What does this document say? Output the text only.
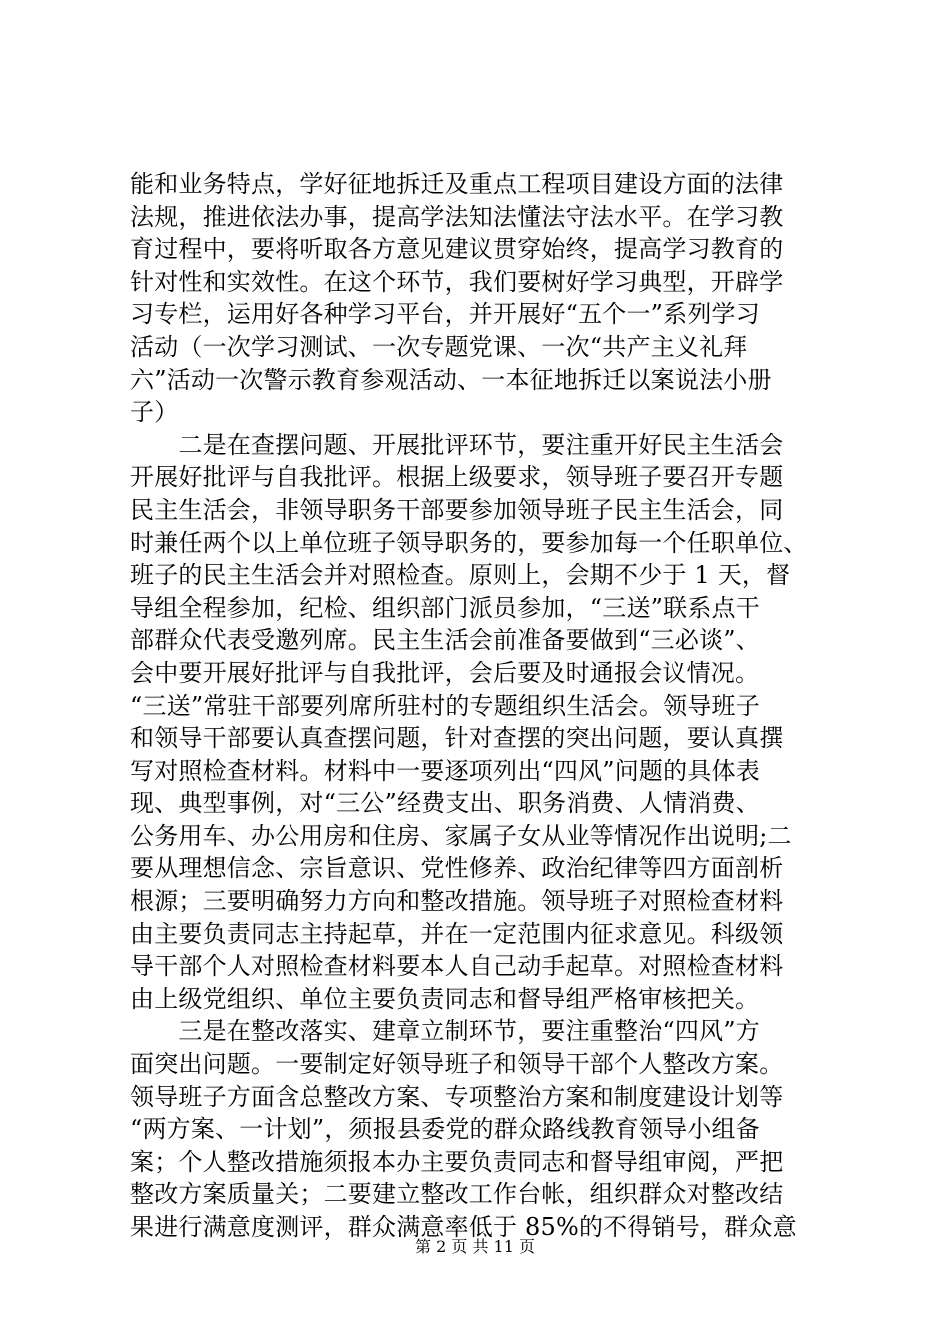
能和业务特点，学好征地拆迁及重点工程项目建设方面的法律
法规，推进依法办事，提高学法知法懂法守法水平。在学习教
育过程中，要将听取各方意见建议贯穿始终，提高学习教育的
针对性和实效性。在这个环节，我们要树好学习典型，开辟学
习专栏，运用好各种学习平台，并开展好“五个一”系列学习
活动（一次学习测试、一次专题党课、一次“共产主义礼拜
六”活动一次警示教育参观活动、一本征地拆迁以案说法小册
子）
　　二是在查摆问题、开展批评环节，要注重开好民主生活会
开展好批评与自我批评。根据上级要求，领导班子要召开专题
民主生活会，非领导职务干部要参加领导班子民主生活会，同
时兼任两个以上单位班子领导职务的，要参加每一个任职单位、
班子的民主生活会并对照检查。原则上，会期不少于 1 天，督
导组全程参加，纪检、组织部门派员参加，“三送”联系点干
部群众代表受邀列席。民主生活会前准备要做到“三必谈”、
会中要开展好批评与自我批评，会后要及时通报会议情况。
“三送”常驻干部要列席所驻村的专题组织生活会。领导班子
和领导干部要认真查摆问题，针对查摆的突出问题，要认真撰
写对照检查材料。材料中一要逐项列出“四风”问题的具体表
现、典型事例，对“三公”经费支出、职务消费、人情消费、
公务用车、办公用房和住房、家属子女从业等情况作出说明;二
要从理想信念、宗旨意识、党性修养、政治纪律等四方面剖析
根源；三要明确努力方向和整改措施。领导班子对照检查材料
由主要负责同志主持起草，并在一定范围内征求意见。科级领
导干部个人对照检查材料要本人自己动手起草。对照检查材料
由上级党组织、单位主要负责同志和督导组严格审核把关。
　　三是在整改落实、建章立制环节，要注重整治“四风”方
面突出问题。一要制定好领导班子和领导干部个人整改方案。
领导班子方面含总整改方案、专项整治方案和制度建设计划等
“两方案、一计划”，须报县委党的群众路线教育领导小组备
案；个人整改措施须报本办主要负责同志和督导组审阅，严把
整改方案质量关；二要建立整改工作台帐，组织群众对整改结
果进行满意度测评，群众满意率低于 85%的不得销号，群众意
第 2 页 共 11 页
